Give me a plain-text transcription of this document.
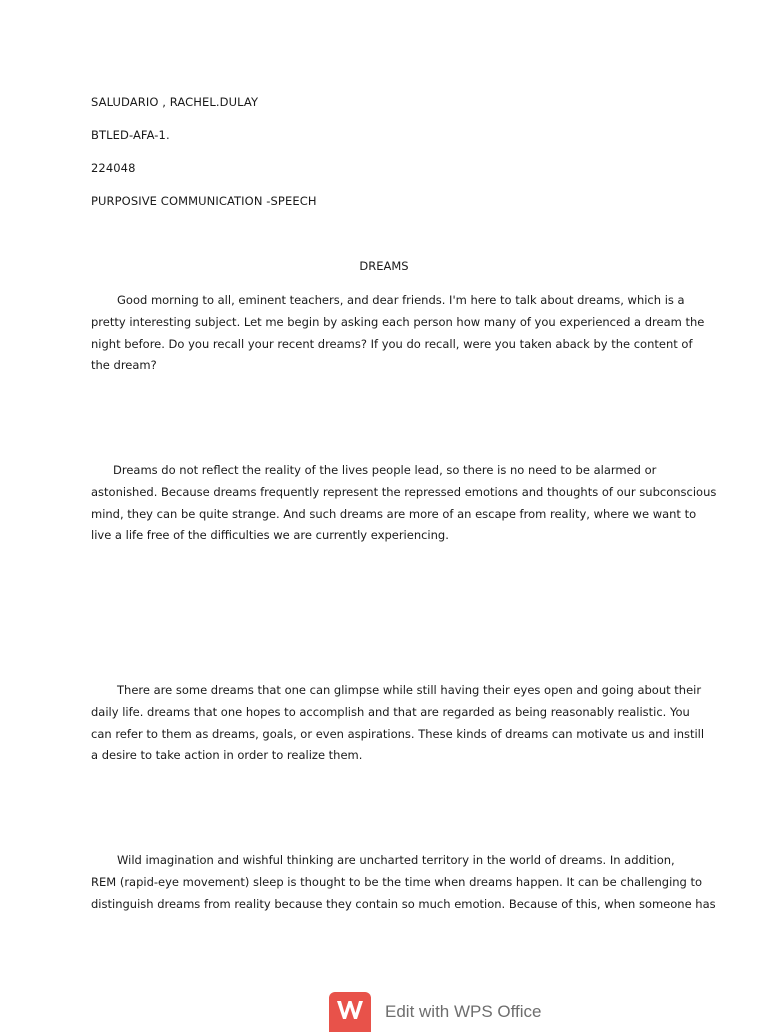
SALUDARIO , RACHEL.DULAY
BTLED-AFA-1.
224048
PURPOSIVE COMMUNICATION -SPEECH
DREAMS
Good morning to all, eminent teachers, and dear friends. I'm here to talk about dreams, which is a
pretty interesting subject. Let me begin by asking each person how many of you experienced a dream the
night before. Do you recall your recent dreams? If you do recall, were you taken aback by the content of
the dream?
Dreams do not reflect the reality of the lives people lead, so there is no need to be alarmed or
astonished. Because dreams frequently represent the repressed emotions and thoughts of our subconscious
mind, they can be quite strange. And such dreams are more of an escape from reality, where we want to
live a life free of the difficulties we are currently experiencing.
There are some dreams that one can glimpse while still having their eyes open and going about their
daily life. dreams that one hopes to accomplish and that are regarded as being reasonably realistic. You
can refer to them as dreams, goals, or even aspirations. These kinds of dreams can motivate us and instill
a desire to take action in order to realize them.
Wild imagination and wishful thinking are uncharted territory in the world of dreams. In addition,
REM (rapid-eye movement) sleep is thought to be the time when dreams happen. It can be challenging to
distinguish dreams from reality because they contain so much emotion. Because of this, when someone has
Edit with WPS Office
